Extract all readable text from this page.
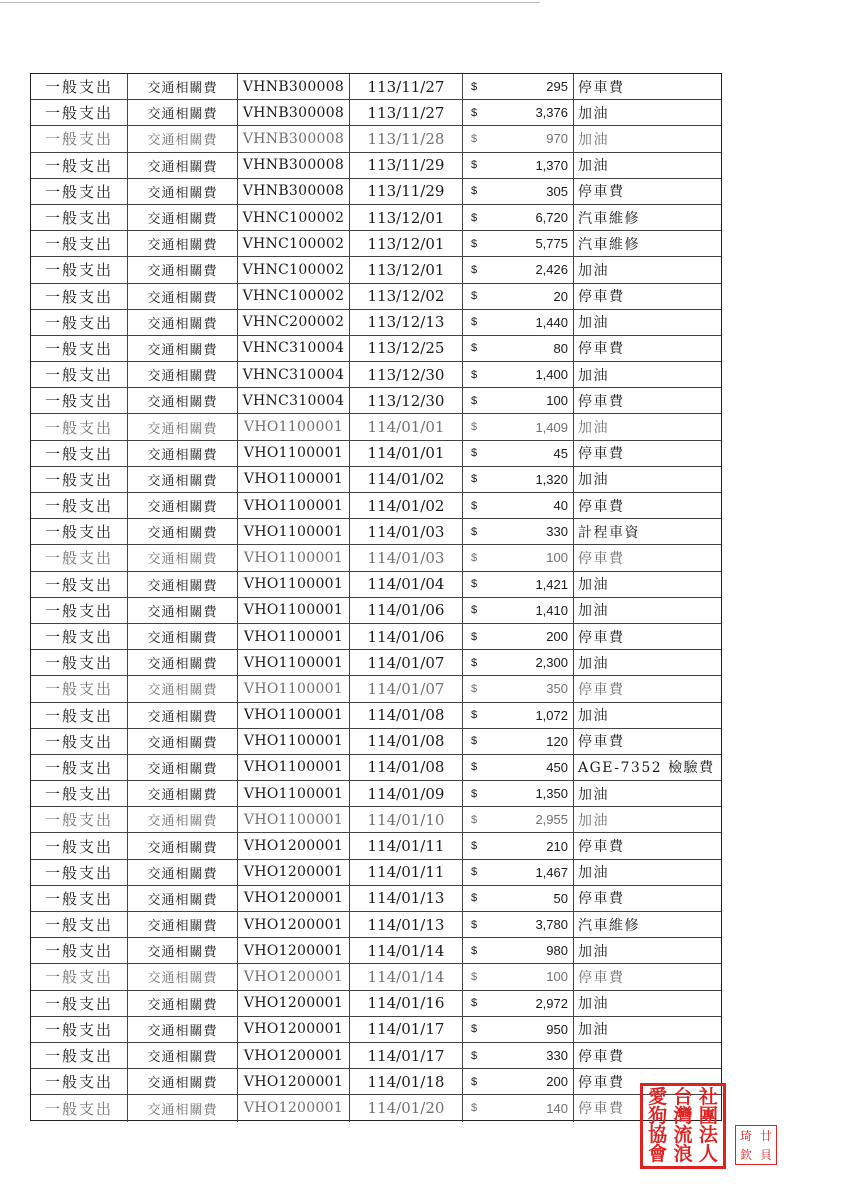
一般支出	交通相關費	VHNB300008	113/11/27	$	295 停車費
一般支出	交通相關費	VHNB300008	113/11/27	$	3,376 加油
一般支出	交通相關費	VHNB300008	113/11/28	$	970 加油
一般支出	交通相關費	VHNB300008	113/11/29	$	1,370 加油
一般支出	交通相關費	VHNB300008	113/11/29	$	305 停車費
一般支出	交通相關費	VHNC100002	113/12/01	$	6,720 汽車維修
一般支出	交通相關費	VHNC100002	113/12/01	$	5,775 汽車維修
一般支出	交通相關費	VHNC100002	113/12/01	$	2,426 加油
一般支出	交通相關費	VHNC100002	113/12/02	$	20 停車費
一般支出	交通相關費	VHNC200002	113/12/13	$	1,440 加油
一般支出	交通相關費	VHNC310004	113/12/25	$	80 停車費
一般支出	交通相關費	VHNC310004	113/12/30	$	1,400 加油
一般支出	交通相關費	VHNC310004	113/12/30	$	100 停車費
一般支出	交通相關費	VHO1100001	114/01/01	$	1,409 加油
一般支出	交通相關費	VHO1100001	114/01/01	$	45 停車費
一般支出	交通相關費	VHO1100001	114/01/02	$	1,320 加油
一般支出	交通相關費	VHO1100001	114/01/02	$	40 停車費
一般支出	交通相關費	VHO1100001	114/01/03	$	330 計程車資
一般支出	交通相關費	VHO1100001	114/01/03	$	100 停車費
一般支出	交通相關費	VHO1100001	114/01/04	$	1,421 加油
一般支出	交通相關費	VHO1100001	114/01/06	$	1,410 加油
一般支出	交通相關費	VHO1100001	114/01/06	$	200 停車費
一般支出	交通相關費	VHO1100001	114/01/07	$	2,300 加油
一般支出	交通相關費	VHO1100001	114/01/07	$	350 停車費
一般支出	交通相關費	VHO1100001	114/01/08	$	1,072 加油
一般支出	交通相關費	VHO1100001	114/01/08	$	120 停車費
一般支出	交通相關費	VHO1100001	114/01/08	$	450 AGE-7352 檢驗費
一般支出	交通相關費	VHO1100001	114/01/09	$	1,350 加油
一般支出	交通相關費	VHO1100001	114/01/10	$	2,955 加油
一般支出	交通相關費	VHO1200001	114/01/11	$	210 停車費
一般支出	交通相關費	VHO1200001	114/01/11	$	1,467 加油
一般支出	交通相關費	VHO1200001	114/01/13	$	50 停車費
一般支出	交通相關費	VHO1200001	114/01/13	$	3,780 汽車維修
一般支出	交通相關費	VHO1200001	114/01/14	$	980 加油
一般支出	交通相關費	VHO1200001	114/01/14	$	100 停車費
一般支出	交通相關費	VHO1200001	114/01/16	$	2,972 加油
一般支出	交通相關費	VHO1200001	114/01/17	$	950 加油
一般支出	交通相關費	VHO1200001	114/01/17	$	330 停車費
一般支出	交通相關費	VHO1200001	114/01/18	$	200 停車費
一般支出	交通相關費	VHO1200001	114/01/20	$	140 停車費
愛 台 社
狗 灣 團
協 流 法
會 浪 人
琦 廿
欽 貝
